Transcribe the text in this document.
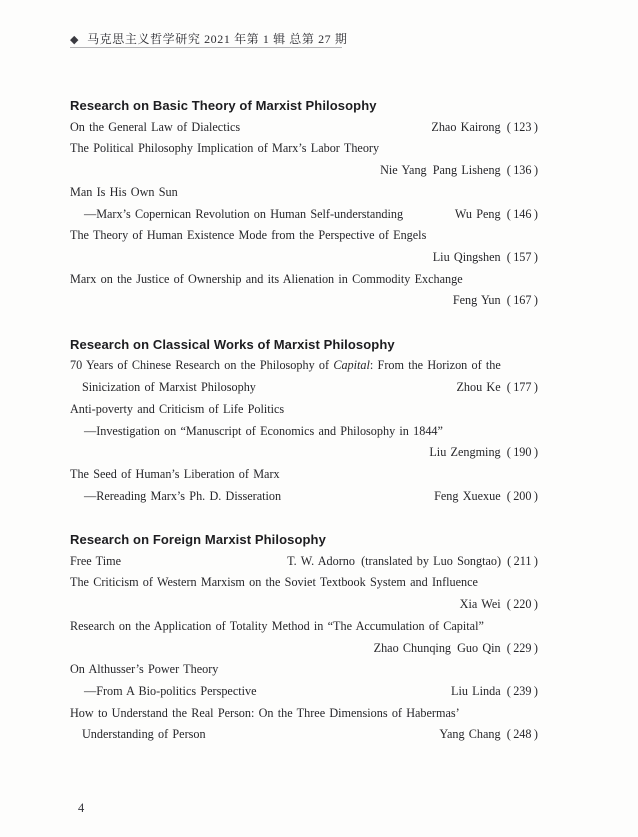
◆ 马克思主义哲学研究 2021 年第 1 辑 总第 27 期
Research on Basic Theory of Marxist Philosophy
On the General Law of Dialectics	Zhao Kairong ( 123 )
The Political Philosophy Implication of Marx’s Labor Theory
Nie Yang Pang Lisheng ( 136 )
Man Is His Own Sun
—Marx’s Copernican Revolution on Human Self-understanding	Wu Peng ( 146 )
The Theory of Human Existence Mode from the Perspective of Engels
Liu Qingshen ( 157 )
Marx on the Justice of Ownership and its Alienation in Commodity Exchange
Feng Yun ( 167 )
Research on Classical Works of Marxist Philosophy
70 Years of Chinese Research on the Philosophy of Capital: From the Horizon of the
Sinicization of Marxist Philosophy	Zhou Ke ( 177 )
Anti-poverty and Criticism of Life Politics
—Investigation on “Manuscript of Economics and Philosophy in 1844”
Liu Zengming ( 190 )
The Seed of Human’s Liberation of Marx
—Rereading Marx’s Ph. D. Disseration	Feng Xuexue ( 200 )
Research on Foreign Marxist Philosophy
Free Time	T. W. Adorno (translated by Luo Songtao) ( 211 )
The Criticism of Western Marxism on the Soviet Textbook System and Influence
Xia Wei ( 220 )
Research on the Application of Totality Method in “The Accumulation of Capital”
Zhao Chunqing Guo Qin ( 229 )
On Althusser’s Power Theory
—From A Bio-politics Perspective	Liu Linda ( 239 )
How to Understand the Real Person: On the Three Dimensions of Habermas’
Understanding of Person	Yang Chang ( 248 )
4
